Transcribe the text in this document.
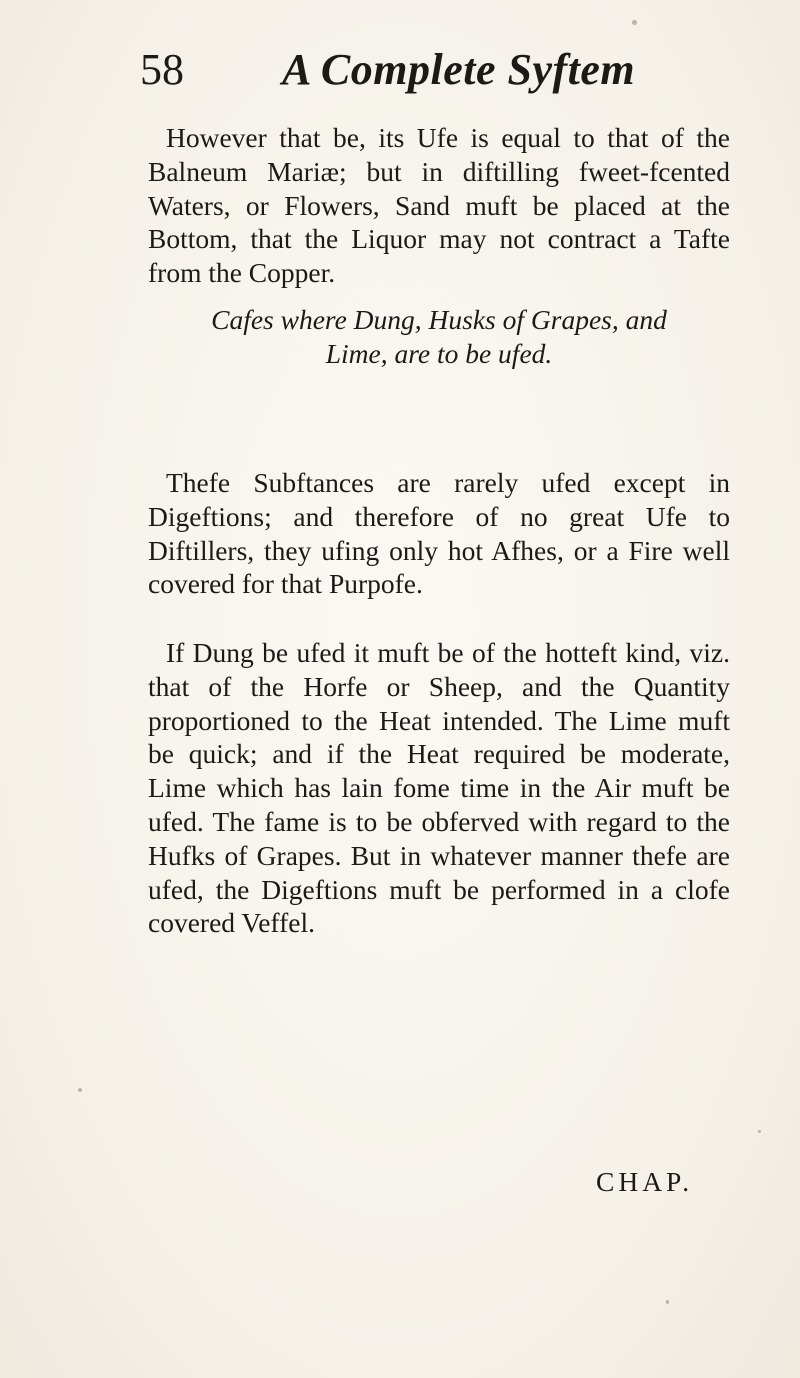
58 A Complete Syftem

However that be, its Ufe is equal to that of the Balneum Mariæ; but in diftilling fweet-fcented Waters, or Flowers, Sand muft be placed at the Bottom, that the Liquor may not contract a Tafte from the Copper.

Cafes where Dung, Husks of Grapes, and
Lime, are to be ufed.

Thefe Subftances are rarely ufed except in Digeftions; and therefore of no great Ufe to Diftillers, they ufing only hot Afhes, or a Fire well covered for that Purpofe.

If Dung be ufed it muft be of the hotteft kind, viz. that of the Horfe or Sheep, and the Quantity proportioned to the Heat intended. The Lime muft be quick; and if the Heat required be moderate, Lime which has lain fome time in the Air muft be ufed. The fame is to be obferved with regard to the Hufks of Grapes. But in whatever manner thefe are ufed, the Digeftions muft be performed in a clofe covered Veffel.

CHAP.
